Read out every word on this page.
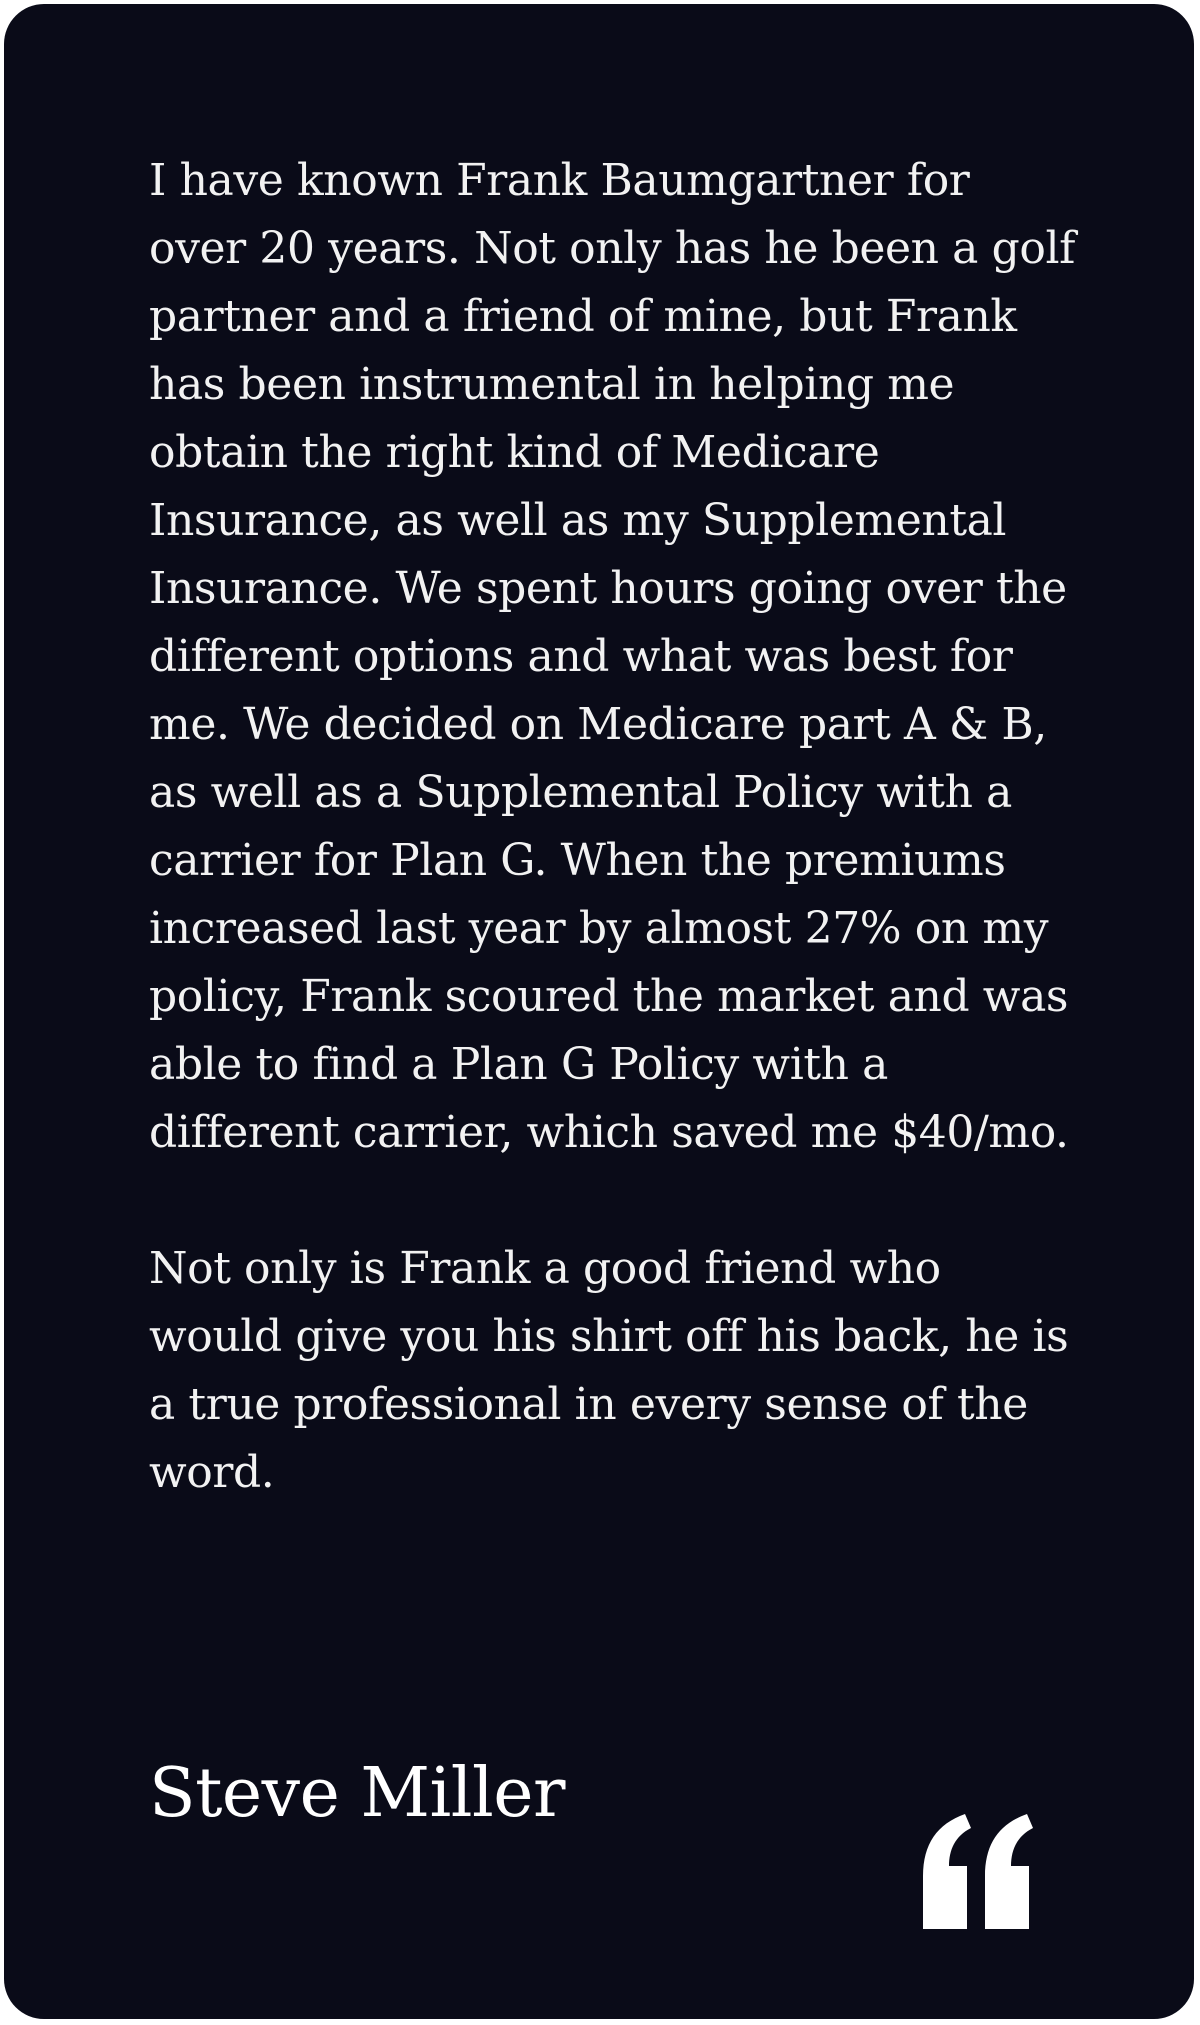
I have known Frank Baumgartner for over 20 years. Not only has he been a golf partner and a friend of mine, but Frank has been instrumental in helping me obtain the right kind of Medicare Insurance, as well as my Supplemental Insurance. We spent hours going over the different options and what was best for me. We decided on Medicare part A & B, as well as a Supplemental Policy with a carrier for Plan G. When the premiums increased last year by almost 27% on my policy, Frank scoured the market and was able to find a Plan G Policy with a different carrier, which saved me $40/mo.

Not only is Frank a good friend who would give you his shirt off his back, he is a true professional in every sense of the word.

Steve Miller
